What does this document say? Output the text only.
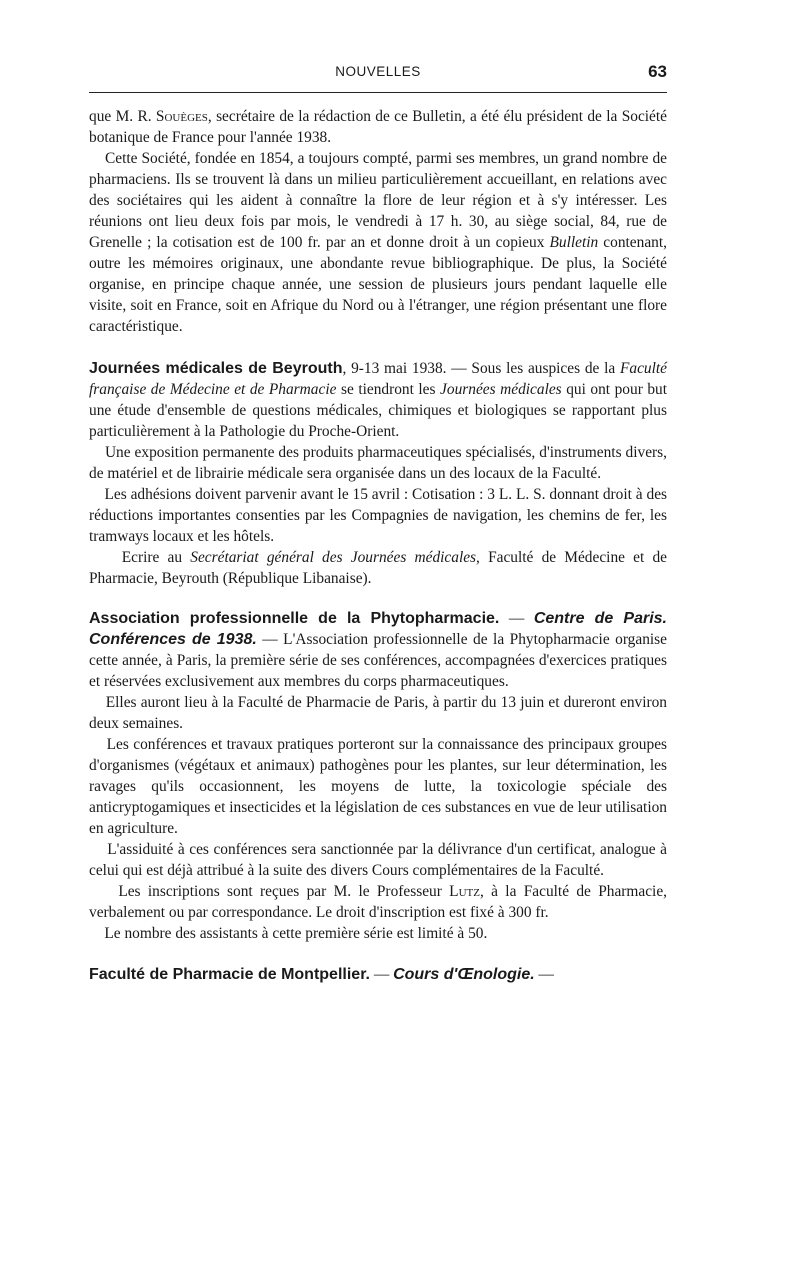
NOUVELLES	63

que M. R. Souèges, secrétaire de la rédaction de ce Bulletin, a été élu président de la Société botanique de France pour l'année 1938.

Cette Société, fondée en 1854, a toujours compté, parmi ses membres, un grand nombre de pharmaciens. Ils se trouvent là dans un milieu particulièrement accueillant, en relations avec des sociétaires qui les aident à connaître la flore de leur région et à s'y intéresser. Les réunions ont lieu deux fois par mois, le vendredi à 17 h. 30, au siège social, 84, rue de Grenelle ; la cotisation est de 100 fr. par an et donne droit à un copieux Bulletin contenant, outre les mémoires originaux, une abondante revue bibliographique. De plus, la Société organise, en principe chaque année, une session de plusieurs jours pendant laquelle elle visite, soit en France, soit en Afrique du Nord ou à l'étranger, une région présentant une flore caractéristique.

Journées médicales de Beyrouth, 9-13 mai 1938. — Sous les auspices de la Faculté française de Médecine et de Pharmacie se tiendront les Journées médicales qui ont pour but une étude d'ensemble de questions médicales, chimiques et biologiques se rapportant plus particulièrement à la Pathologie du Proche-Orient.

Une exposition permanente des produits pharmaceutiques spécialisés, d'instruments divers, de matériel et de librairie médicale sera organisée dans un des locaux de la Faculté.

Les adhésions doivent parvenir avant le 15 avril : Cotisation : 3 L. L. S. donnant droit à des réductions importantes consenties par les Compagnies de navigation, les chemins de fer, les tramways locaux et les hôtels.

Ecrire au Secrétariat général des Journées médicales, Faculté de Médecine et de Pharmacie, Beyrouth (République Libanaise).

Association professionnelle de la Phytopharmacie. — Centre de Paris. Conférences de 1938. — L'Association professionnelle de la Phytopharmacie organise cette année, à Paris, la première série de ses conférences, accompagnées d'exercices pratiques et réservées exclusivement aux membres du corps pharmaceutiques.

Elles auront lieu à la Faculté de Pharmacie de Paris, à partir du 13 juin et dureront environ deux semaines.

Les conférences et travaux pratiques porteront sur la connaissance des principaux groupes d'organismes (végétaux et animaux) pathogènes pour les plantes, sur leur détermination, les ravages qu'ils occasionnent, les moyens de lutte, la toxicologie spéciale des anticryptogamiques et insecticides et la législation de ces substances en vue de leur utilisation en agriculture.

L'assiduité à ces conférences sera sanctionnée par la délivrance d'un certificat, analogue à celui qui est déjà attribué à la suite des divers Cours complémentaires de la Faculté.

Les inscriptions sont reçues par M. le Professeur Lutz, à la Faculté de Pharmacie, verbalement ou par correspondance. Le droit d'inscription est fixé à 300 fr.

Le nombre des assistants à cette première série est limité à 50.

Faculté de Pharmacie de Montpellier. — Cours d'Œnologie. —
